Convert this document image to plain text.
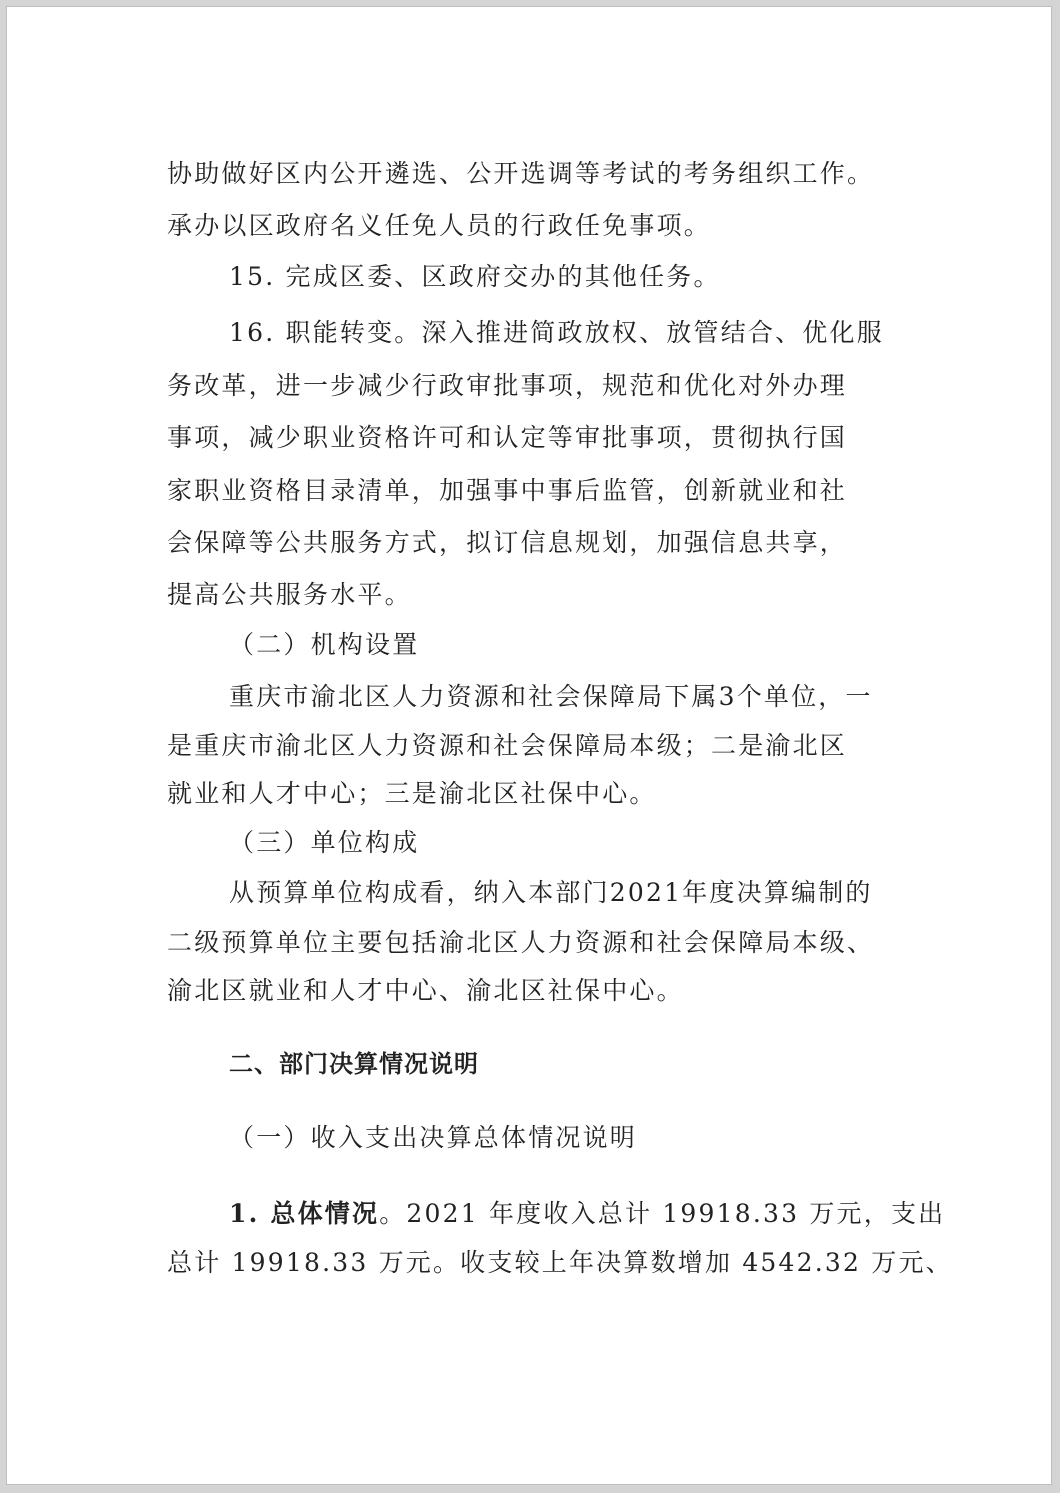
协助做好区内公开遴选、公开选调等考试的考务组织工作。
承办以区政府名义任免人员的行政任免事项。
15. 完成区委、区政府交办的其他任务。
16. 职能转变。深入推进简政放权、放管结合、优化服
务改革，进一步减少行政审批事项，规范和优化对外办理
事项，减少职业资格许可和认定等审批事项，贯彻执行国
家职业资格目录清单，加强事中事后监管，创新就业和社
会保障等公共服务方式，拟订信息规划，加强信息共享，
提高公共服务水平。
（二）机构设置
重庆市渝北区人力资源和社会保障局下属3个单位，一
是重庆市渝北区人力资源和社会保障局本级；二是渝北区
就业和人才中心；三是渝北区社保中心。
（三）单位构成
从预算单位构成看，纳入本部门2021年度决算编制的
二级预算单位主要包括渝北区人力资源和社会保障局本级、
渝北区就业和人才中心、渝北区社保中心。
二、部门决算情况说明
（一）收入支出决算总体情况说明
1. 总体情况。2021 年度收入总计 19918.33 万元，支出
总计 19918.33 万元。收支较上年决算数增加 4542.32 万元、
